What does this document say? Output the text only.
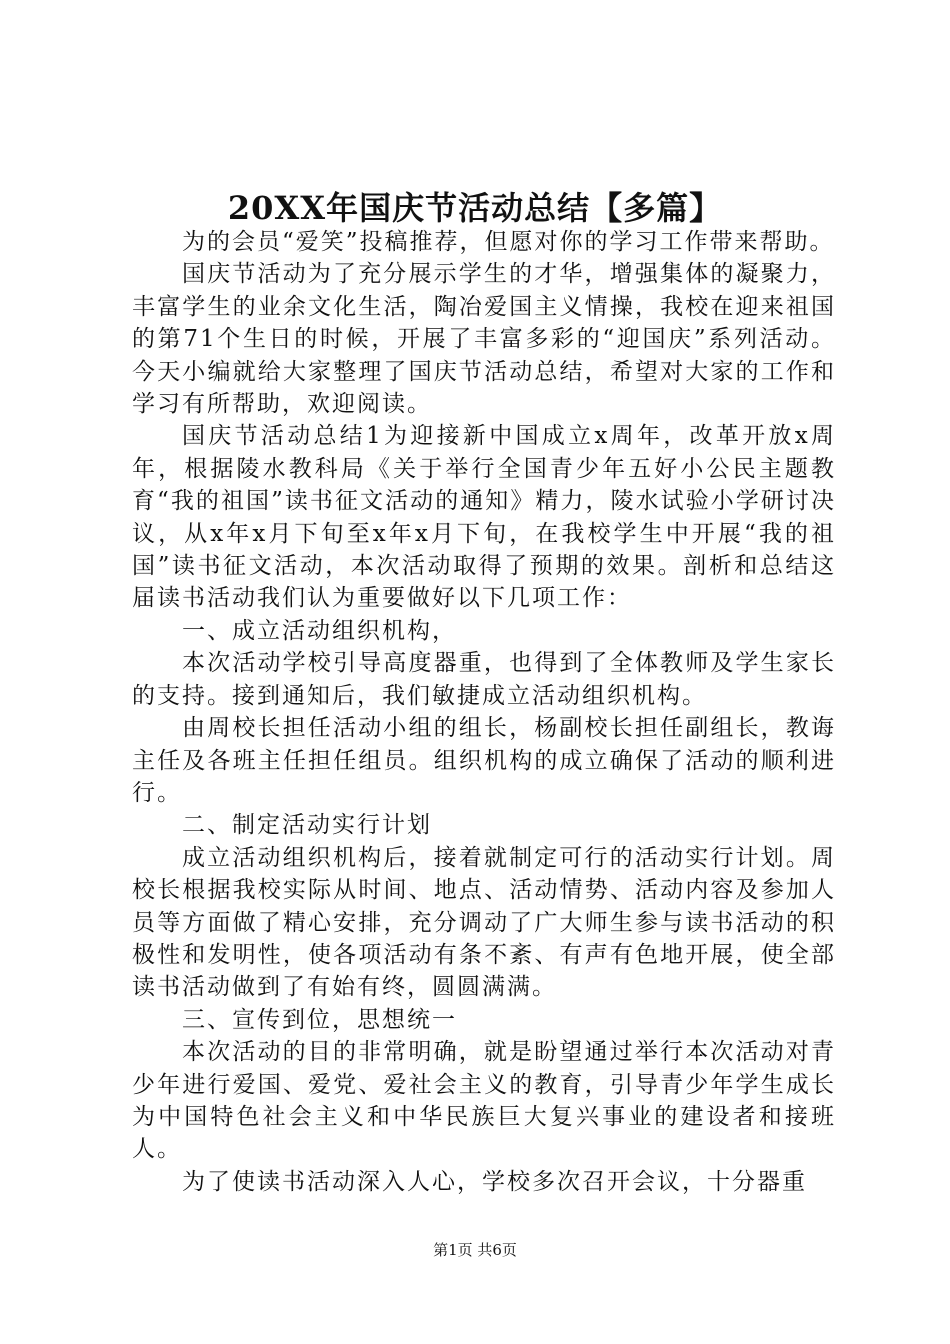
20XX年国庆节活动总结【多篇】

为的会员“爱笑”投稿推荐，但愿对你的学习工作带来帮助。

国庆节活动为了充分展示学生的才华，增强集体的凝聚力，丰富学生的业余文化生活，陶冶爱国主义情操，我校在迎来祖国的第71个生日的时候，开展了丰富多彩的“迎国庆”系列活动。今天小编就给大家整理了国庆节活动总结，希望对大家的工作和学习有所帮助，欢迎阅读。

国庆节活动总结1为迎接新中国成立x周年，改革开放x周年，根据陵水教科局《关于举行全国青少年五好小公民主题教育“我的祖国”读书征文活动的通知》精力，陵水试验小学研讨决议，从x年x月下旬至x年x月下旬，在我校学生中开展“我的祖国”读书征文活动，本次活动取得了预期的效果。剖析和总结这届读书活动我们认为重要做好以下几项工作：

一、成立活动组织机构，

本次活动学校引导高度器重，也得到了全体教师及学生家长的支持。接到通知后，我们敏捷成立活动组织机构。

由周校长担任活动小组的组长，杨副校长担任副组长，教诲主任及各班主任担任组员。组织机构的成立确保了活动的顺利进行。

二、制定活动实行计划

成立活动组织机构后，接着就制定可行的活动实行计划。周校长根据我校实际从时间、地点、活动情势、活动内容及参加人员等方面做了精心安排，充分调动了广大师生参与读书活动的积极性和发明性，使各项活动有条不紊、有声有色地开展，使全部读书活动做到了有始有终，圆圆满满。

三、宣传到位，思想统一

本次活动的目的非常明确，就是盼望通过举行本次活动对青少年进行爱国、爱党、爱社会主义的教育，引导青少年学生成长为中国特色社会主义和中华民族巨大复兴事业的建设者和接班人。

为了使读书活动深入人心，学校多次召开会议，十分器重

第1页 共6页
